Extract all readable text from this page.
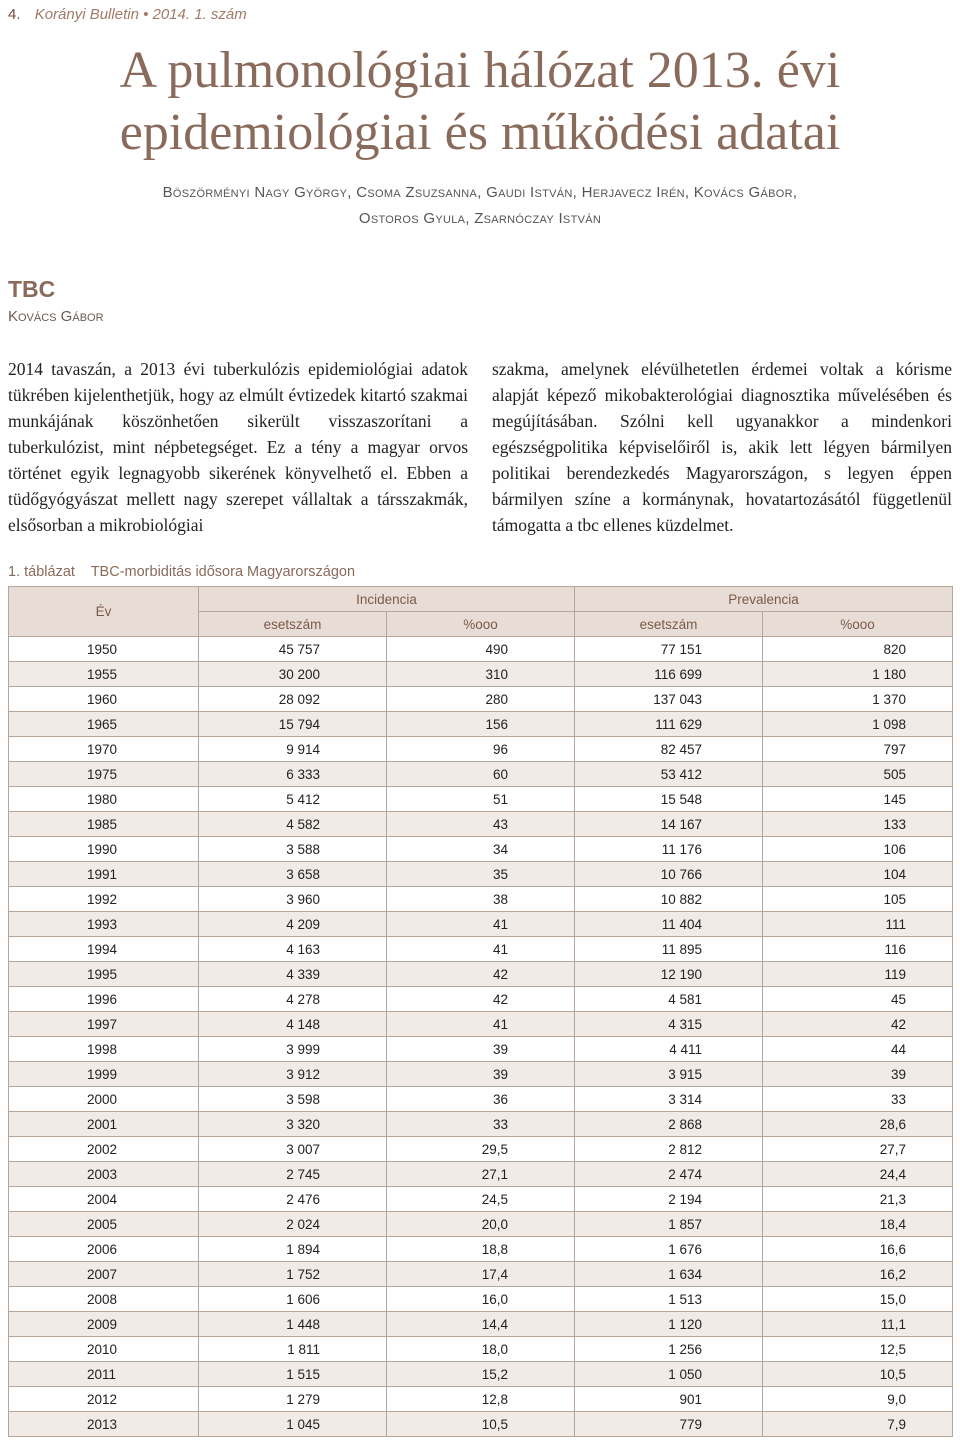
4. Korányi Bulletin • 2014. 1. szám
A pulmonológiai hálózat 2013. évi epidemiológiai és működési adatai
Böszörményi Nagy György, Csoma Zsuzsanna, Gaudi István, Herjavecz Irén, Kovács Gábor,
Ostoros Gyula, Zsarnóczay István
TBC
Kovács Gábor

2014 tavaszán, a 2013 évi tuberkulózis epidemiológiai adatok tükrében kijelenthetjük, hogy az elmúlt évtizedek kitartó szakmai munkájának köszönhetően sikerült visszaszorítani a tuberkulózist, mint népbetegséget. Ez a tény a magyar orvos történet egyik legnagyobb sikerének könyvelhető el. Ebben a tüdőgyógyászat mellett nagy szerepet vállaltak a társszakmák, elsősorban a mikrobiológiai

szakma, amelynek elévülhetetlen érdemei voltak a kórisme alapját képező mikobakterológiai diagnosztika művelésében és megújításában. Szólni kell ugyanakkor a mindenkori egészségpolitika képviselőiről is, akik lett légyen bármilyen politikai berendezkedés Magyarországon, s legyen éppen bármilyen színe a kormánynak, hovatartozásától függetlenül támogatta a tbc ellenes küzdelmet.

1. táblázat TBC-morbiditás idősora Magyarországon
Év	Incidencia		Prevalencia	
	esetszám	%ooo	esetszám	%ooo
1950	45 757	490	77 151	820
1955	30 200	310	116 699	1 180
1960	28 092	280	137 043	1 370
1965	15 794	156	111 629	1 098
1970	9 914	96	82 457	797
1975	6 333	60	53 412	505
1980	5 412	51	15 548	145
1985	4 582	43	14 167	133
1990	3 588	34	11 176	106
1991	3 658	35	10 766	104
1992	3 960	38	10 882	105
1993	4 209	41	11 404	111
1994	4 163	41	11 895	116
1995	4 339	42	12 190	119
1996	4 278	42	4 581	45
1997	4 148	41	4 315	42
1998	3 999	39	4 411	44
1999	3 912	39	3 915	39
2000	3 598	36	3 314	33
2001	3 320	33	2 868	28,6
2002	3 007	29,5	2 812	27,7
2003	2 745	27,1	2 474	24,4
2004	2 476	24,5	2 194	21,3
2005	2 024	20,0	1 857	18,4
2006	1 894	18,8	1 676	16,6
2007	1 752	17,4	1 634	16,2
2008	1 606	16,0	1 513	15,0
2009	1 448	14,4	1 120	11,1
2010	1 811	18,0	1 256	12,5
2011	1 515	15,2	1 050	10,5
2012	1 279	12,8	901	9,0
2013	1 045	10,5	779	7,9
